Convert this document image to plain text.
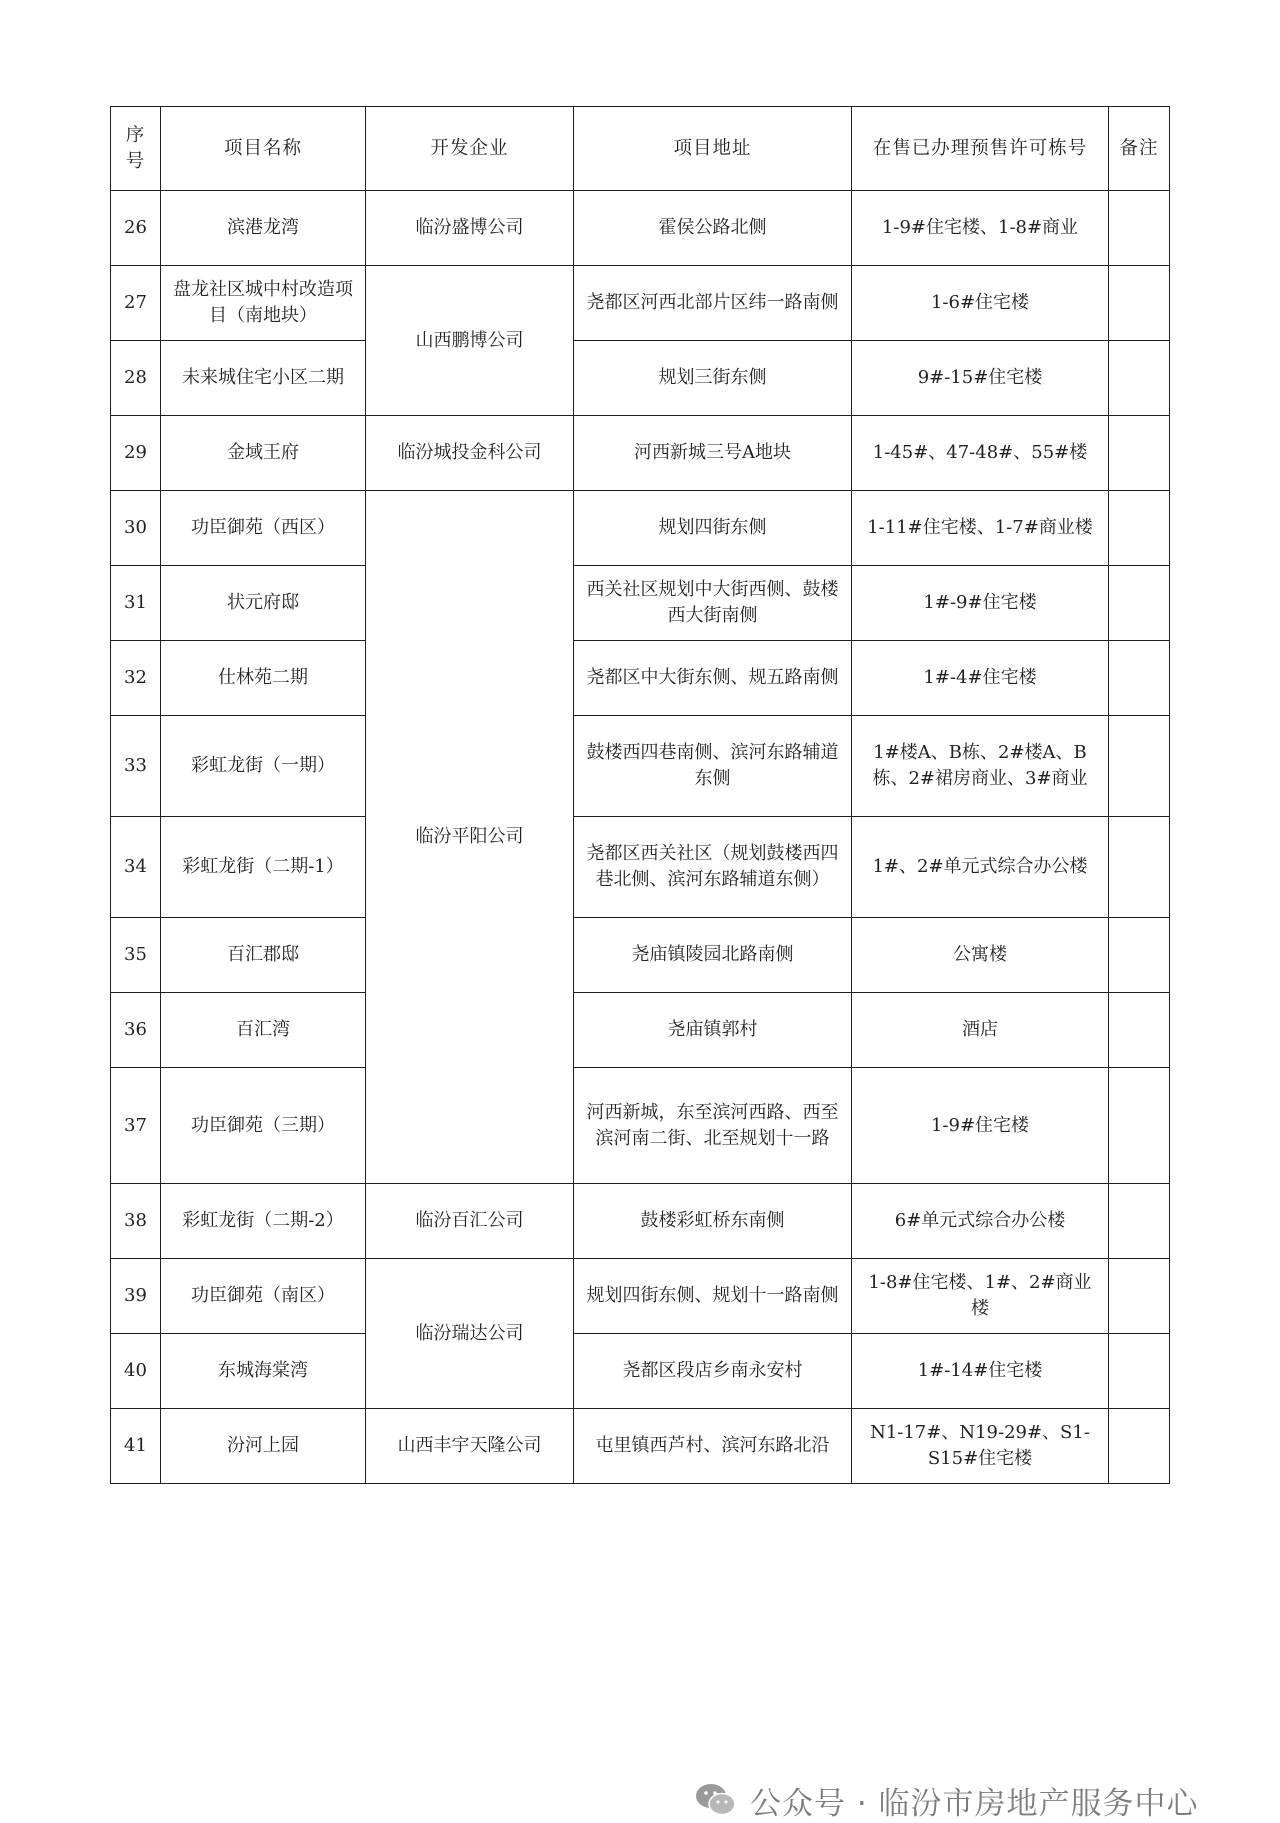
序号	项目名称	开发企业	项目地址	在售已办理预售许可栋号	备注
26	滨港龙湾	临汾盛博公司	霍侯公路北侧	1-9#住宅楼、1-8#商业	
27	盘龙社区城中村改造项目（南地块）	山西鹏博公司	尧都区河西北部片区纬一路南侧	1-6#住宅楼	
28	未来城住宅小区二期		规划三街东侧	9#-15#住宅楼	
29	金域王府	临汾城投金科公司	河西新城三号A地块	1-45#、47-48#、55#楼	
30	功臣御苑（西区）	临汾平阳公司	规划四街东侧	1-11#住宅楼、1-7#商业楼	
31	状元府邸		西关社区规划中大街西侧、鼓楼西大街南侧	1#-9#住宅楼	
32	仕林苑二期		尧都区中大街东侧、规五路南侧	1#-4#住宅楼	
33	彩虹龙街（一期）		鼓楼西四巷南侧、滨河东路辅道东侧	1#楼A、B栋、2#楼A、B栋、2#裙房商业、3#商业	
34	彩虹龙街（二期-1）		尧都区西关社区（规划鼓楼西四巷北侧、滨河东路辅道东侧）	1#、2#单元式综合办公楼	
35	百汇郡邸		尧庙镇陵园北路南侧	公寓楼	
36	百汇湾		尧庙镇郭村	酒店	
37	功臣御苑（三期）		河西新城，东至滨河西路、西至滨河南二街、北至规划十一路	1-9#住宅楼	
38	彩虹龙街（二期-2）	临汾百汇公司	鼓楼彩虹桥东南侧	6#单元式综合办公楼	
39	功臣御苑（南区）	临汾瑞达公司	规划四街东侧、规划十一路南侧	1-8#住宅楼、1#、2#商业楼	
40	东城海棠湾		尧都区段店乡南永安村	1#-14#住宅楼	
41	汾河上园	山西丰宇天隆公司	屯里镇西芦村、滨河东路北沿	N1-17#、N19-29#、S1-S15#住宅楼	
公众号 · 临汾市房地产服务中心
